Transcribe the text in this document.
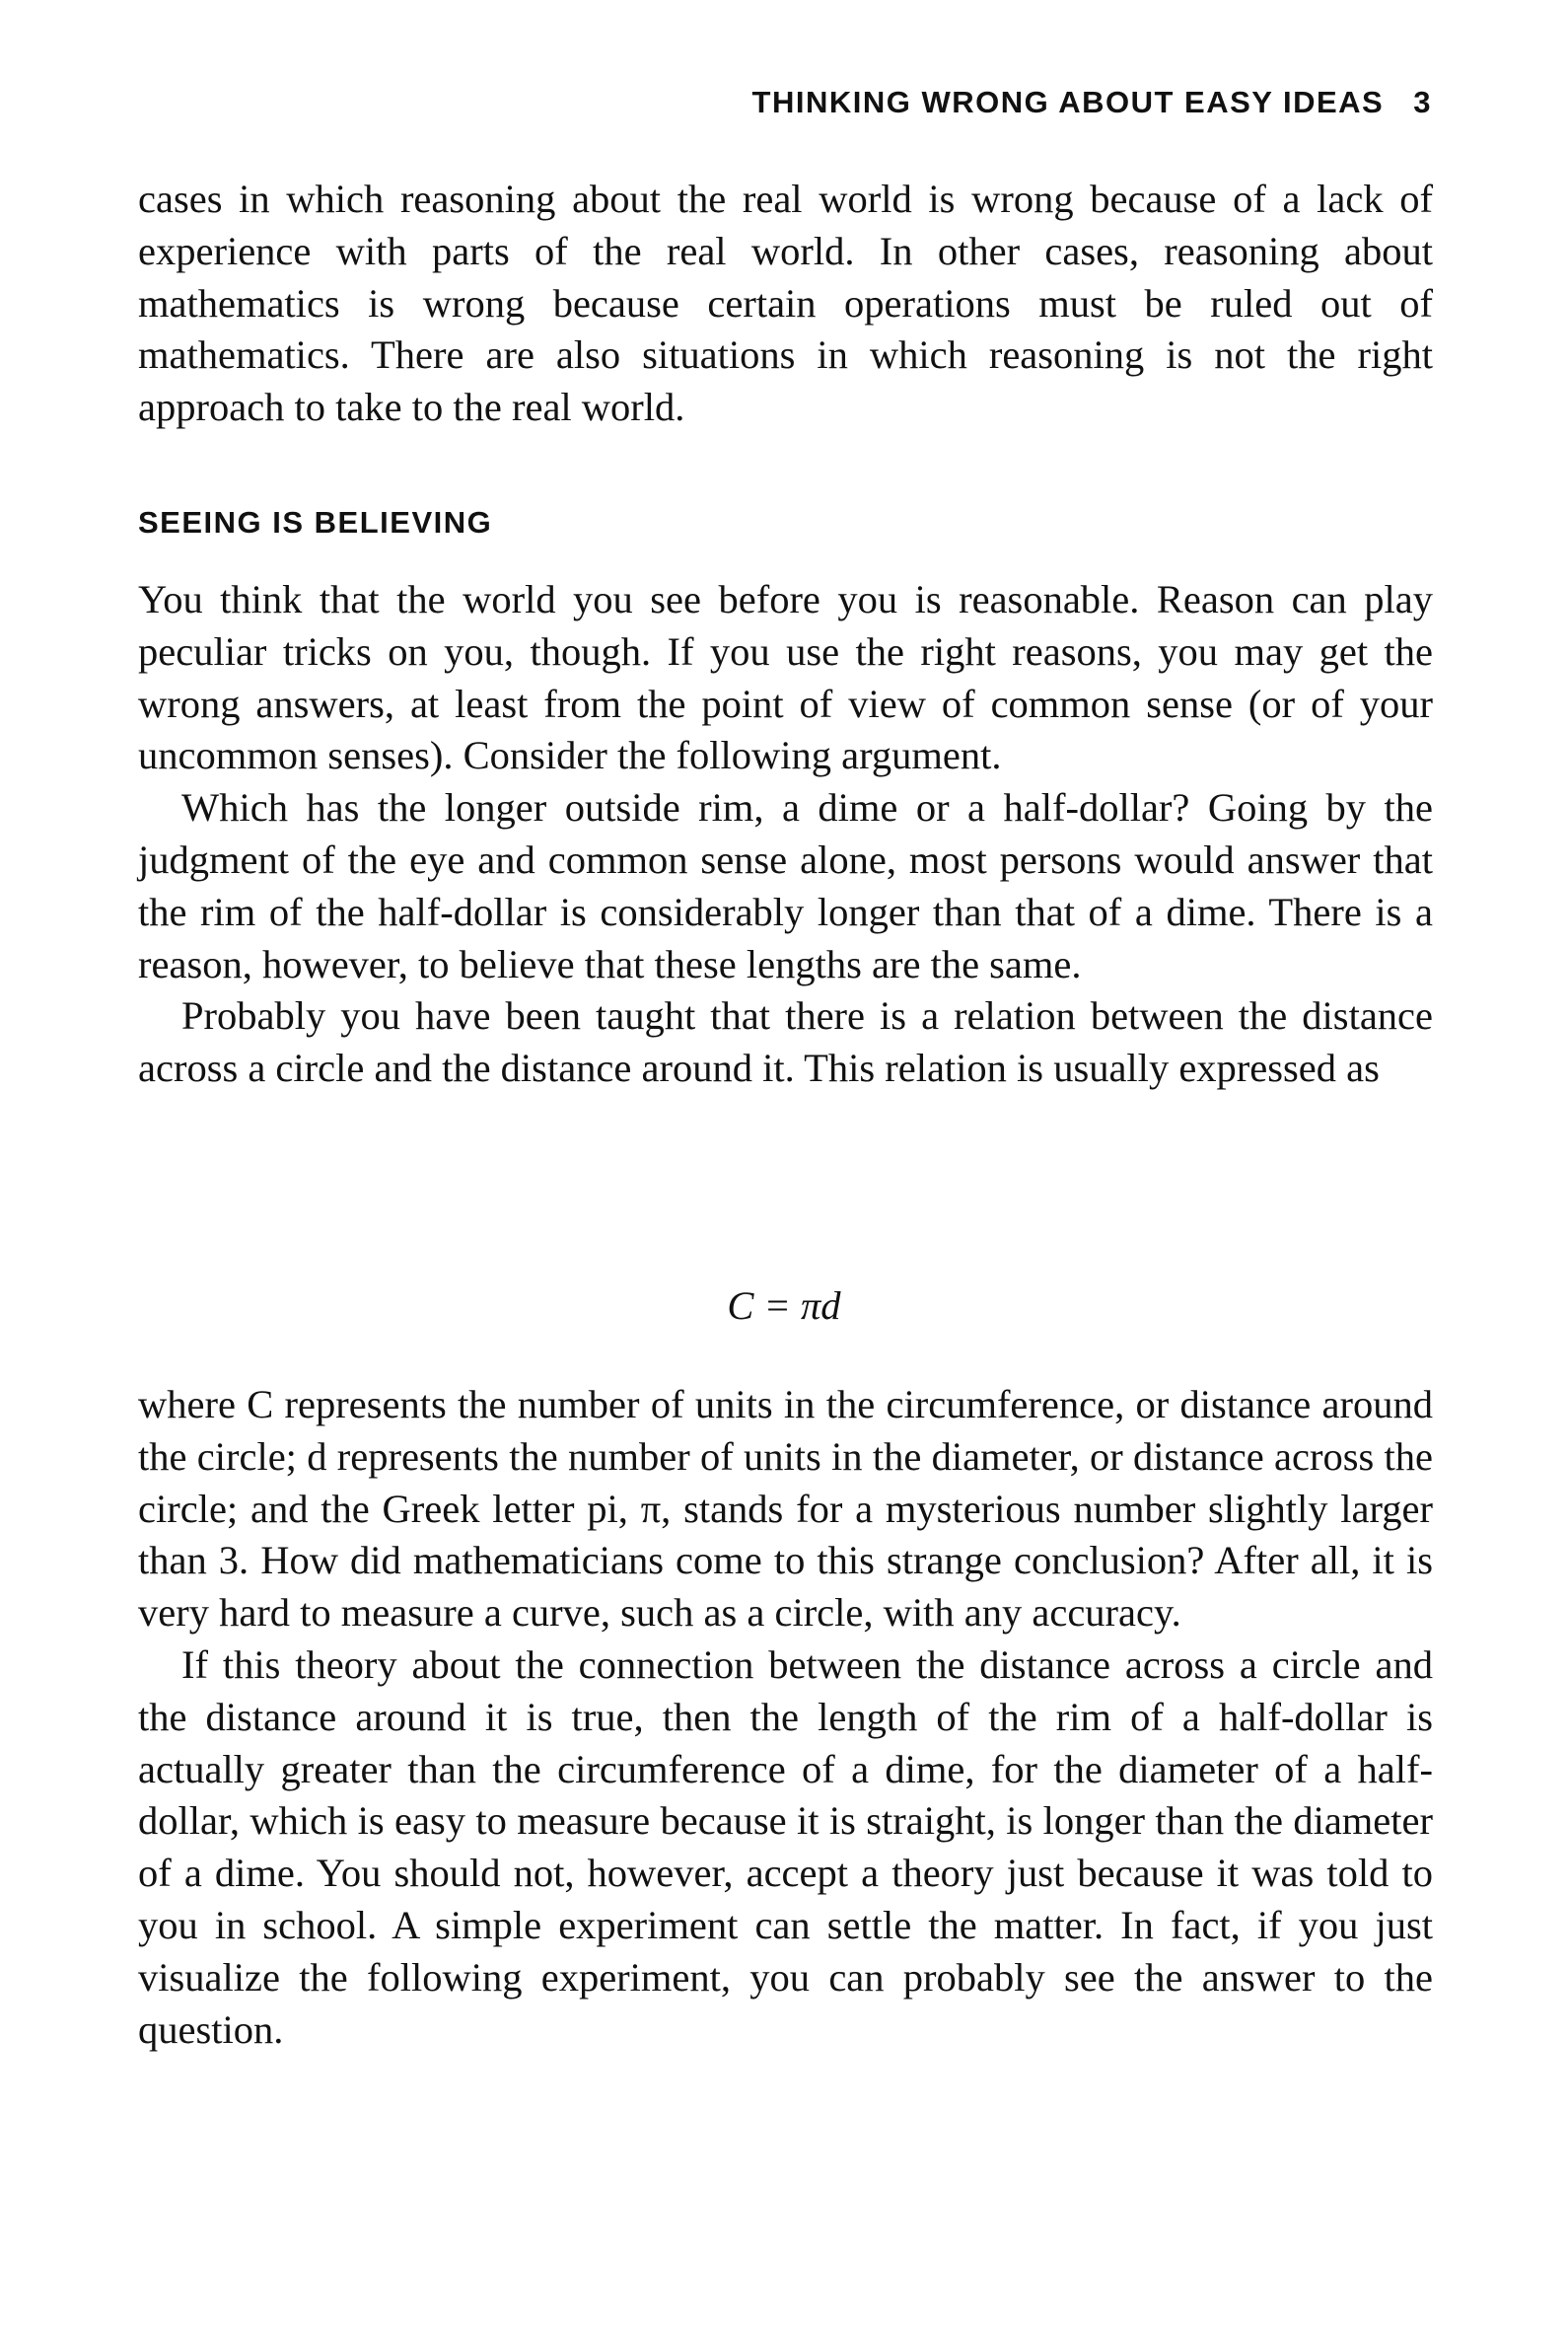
THINKING WRONG ABOUT EASY IDEAS 3

cases in which reasoning about the real world is wrong because of a lack of experience with parts of the real world. In other cases, reasoning about mathematics is wrong because certain operations must be ruled out of mathematics. There are also situations in which reasoning is not the right approach to take to the real world.

SEEING IS BELIEVING

You think that the world you see before you is reasonable. Reason can play peculiar tricks on you, though. If you use the right reasons, you may get the wrong answers, at least from the point of view of common sense (or of your uncommon senses). Consider the following argument.

Which has the longer outside rim, a dime or a half-dollar? Going by the judgment of the eye and common sense alone, most persons would answer that the rim of the half-dollar is considerably longer than that of a dime. There is a reason, however, to believe that these lengths are the same.

Probably you have been taught that there is a relation between the distance across a circle and the distance around it. This relation is usually expressed as

C = πd

where C represents the number of units in the circumference, or distance around the circle; d represents the number of units in the diameter, or distance across the circle; and the Greek letter pi, π, stands for a mysterious number slightly larger than 3. How did mathematicians come to this strange conclusion? After all, it is very hard to measure a curve, such as a circle, with any accuracy.

If this theory about the connection between the distance across a circle and the distance around it is true, then the length of the rim of a half-dollar is actually greater than the circumference of a dime, for the diameter of a half-dollar, which is easy to measure because it is straight, is longer than the diameter of a dime. You should not, however, accept a theory just because it was told to you in school. A simple experiment can settle the matter. In fact, if you just visualize the following experiment, you can probably see the answer to the question.
